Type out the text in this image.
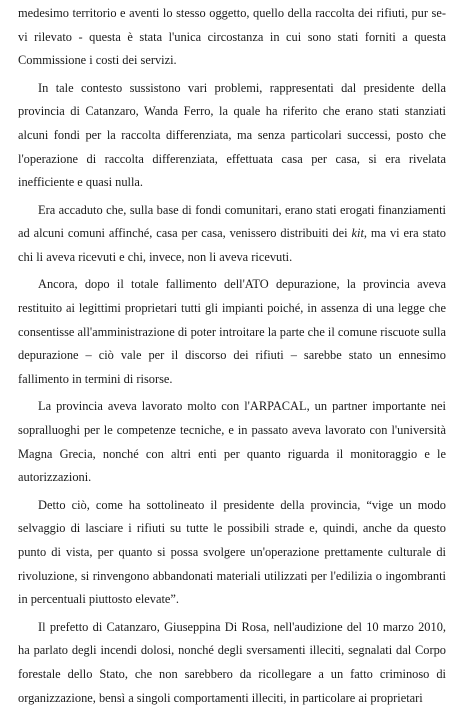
medesimo territorio e aventi lo stesso oggetto, quello della raccolta dei rifiuti, pur se-vi rilevato - questa è stata l'unica circostanza in cui sono stati forniti a questa Commissione i costi dei servizi.

In tale contesto sussistono vari problemi, rappresentati dal presidente della provincia di Catanzaro, Wanda Ferro, la quale ha riferito che erano stati stanziati alcuni fondi per la raccolta differenziata, ma senza particolari successi, posto che l'operazione di raccolta differenziata, effettuata casa per casa, si era rivelata inefficiente e quasi nulla.

Era accaduto che, sulla base di fondi comunitari, erano stati erogati finanziamenti ad alcuni comuni affinché, casa per casa, venissero distribuiti dei kit, ma vi era stato chi li aveva ricevuti e chi, invece, non li aveva ricevuti.

Ancora, dopo il totale fallimento dell'ATO depurazione, la provincia aveva restituito ai legittimi proprietari tutti gli impianti poiché, in assenza di una legge che consentisse all'amministrazione di poter introitare la parte che il comune riscuote sulla depurazione – ciò vale per il discorso dei rifiuti – sarebbe stato un ennesimo fallimento in termini di risorse.

La provincia aveva lavorato molto con l'ARPACAL, un partner importante nei sopralluoghi per le competenze tecniche, e in passato aveva lavorato con l'università Magna Grecia, nonché con altri enti per quanto riguarda il monitoraggio e le autorizzazioni.

Detto ciò, come ha sottolineato il presidente della provincia, “vige un modo selvaggio di lasciare i rifiuti su tutte le possibili strade e, quindi, anche da questo punto di vista, per quanto si possa svolgere un'operazione prettamente culturale di rivoluzione, si rinvengono abbandonati materiali utilizzati per l'edilizia o ingombranti in percentuali piuttosto elevate”.

Il prefetto di Catanzaro, Giuseppina Di Rosa, nell'audizione del 10 marzo 2010, ha parlato degli incendi dolosi, nonché degli sversamenti illeciti, segnalati dal Corpo forestale dello Stato, che non sarebbero da ricollegare a un fatto criminoso di organizzazione, bensì a singoli comportamenti illeciti, in particolare ai proprietari
